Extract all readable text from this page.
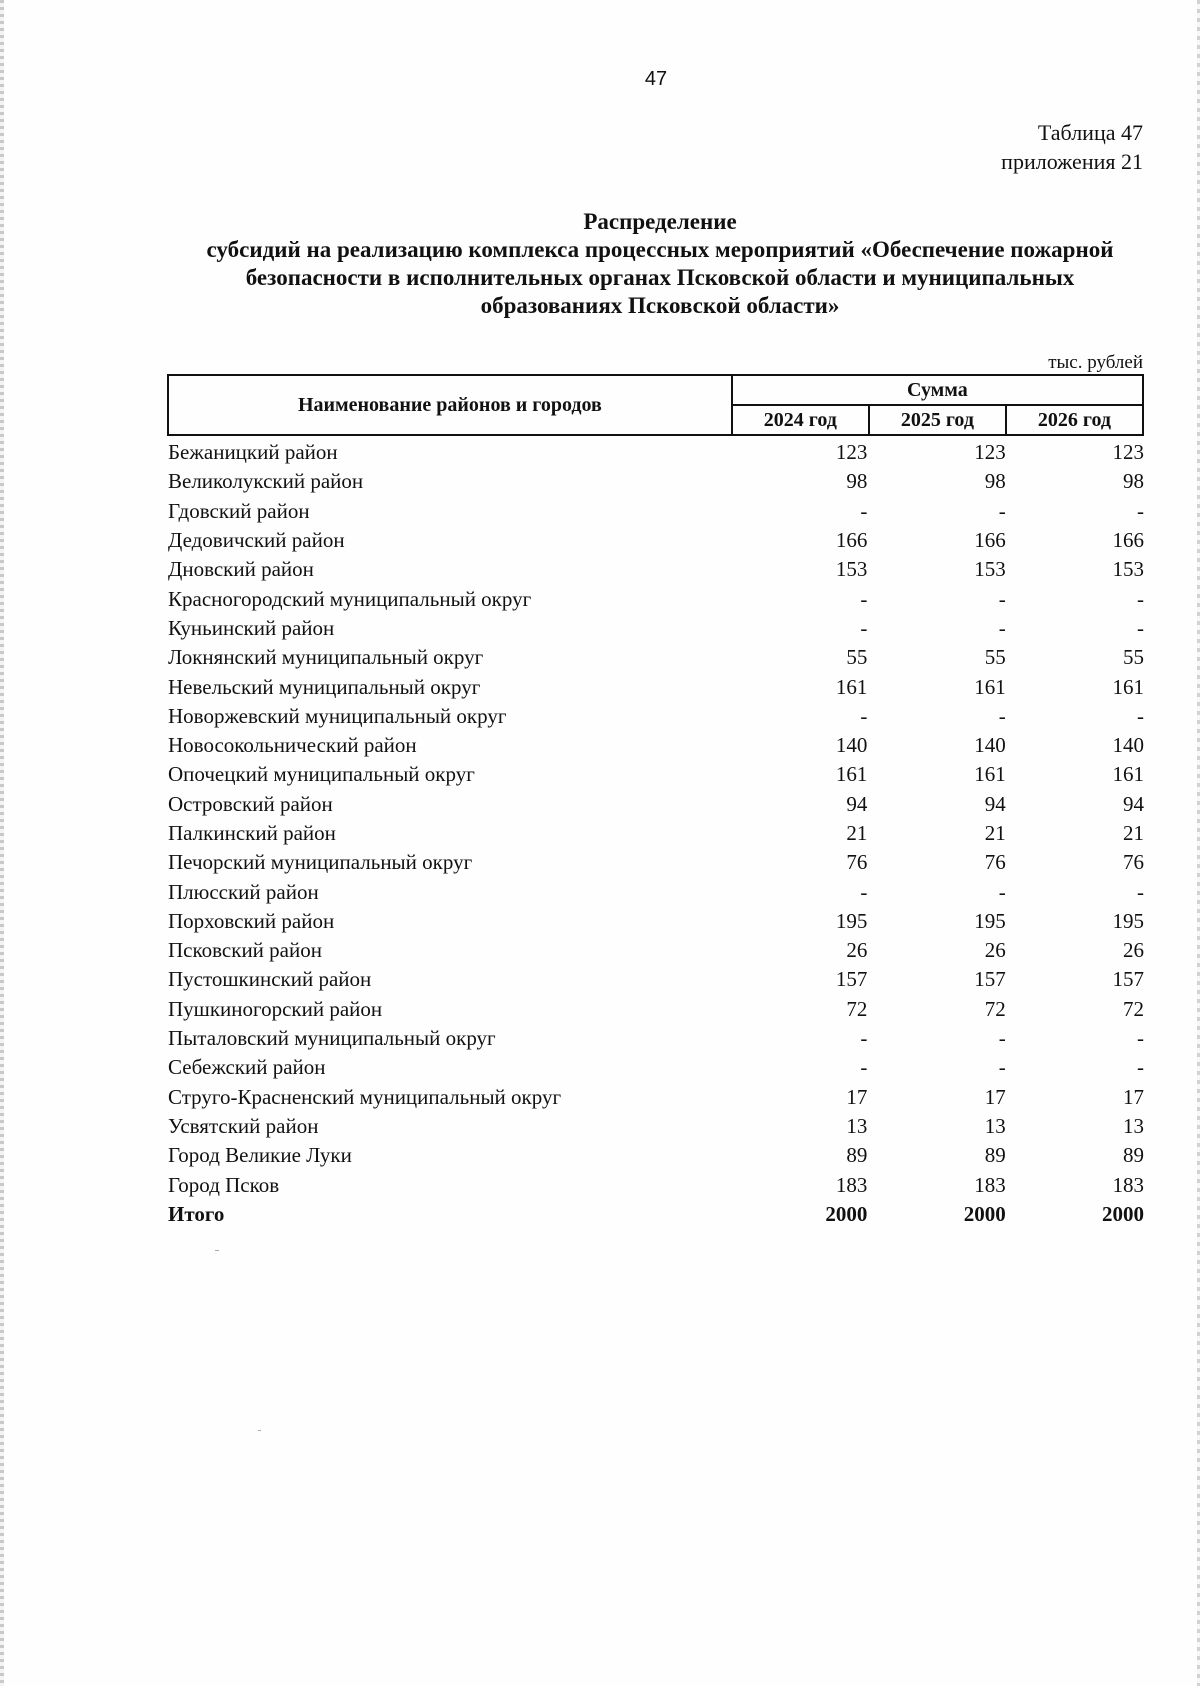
47
Таблица 47
приложения 21
Распределение
субсидий на реализацию комплекса процессных мероприятий «Обеспечение пожарной
безопасности в исполнительных органах Псковской области и муниципальных
образованиях Псковской области»
тыс. рублей
Наименование районов и городов	Сумма		
	2024 год	2025 год	2026 год
Бежаницкий район	123	123	123
Великолукский район	98	98	98
Гдовский район	-	-	-
Дедовичский район	166	166	166
Дновский район	153	153	153
Красногородский муниципальный округ	-	-	-
Куньинский район	-	-	-
Локнянский муниципальный округ	55	55	55
Невельский муниципальный округ	161	161	161
Новоржевский муниципальный округ	-	-	-
Новосокольнический район	140	140	140
Опочецкий муниципальный округ	161	161	161
Островский район	94	94	94
Палкинский район	21	21	21
Печорский муниципальный округ	76	76	76
Плюсский район	-	-	-
Порховский район	195	195	195
Псковский район	26	26	26
Пустошкинский район	157	157	157
Пушкиногорский район	72	72	72
Пыталовский муниципальный округ	-	-	-
Себежский район	-	-	-
Струго-Красненский муниципальный округ	17	17	17
Усвятский район	13	13	13
Город Великие Луки	89	89	89
Город Псков	183	183	183
Итого	2000	2000	2000
